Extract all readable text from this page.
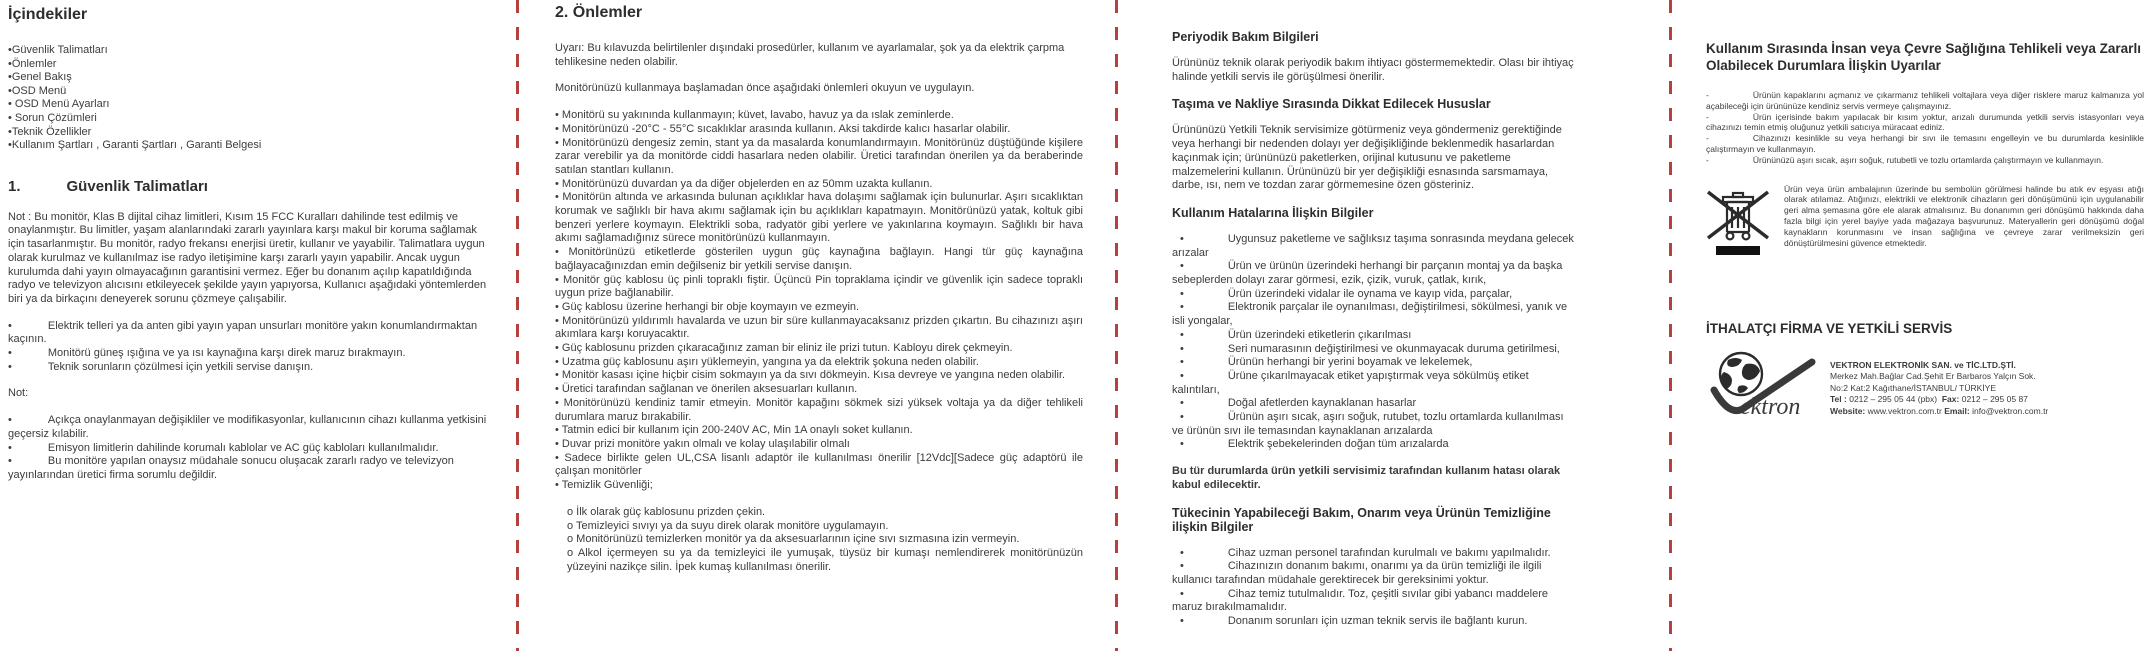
İçindekiler

•Güvenlik Talimatları

•Önlemler

•Genel Bakış

•OSD Menü

• OSD Menü Ayarları

• Sorun Çözümleri

•Teknik Özellikler

•Kullanım Şartları , Garanti Şartları , Garanti Belgesi

1.	Güvenlik Talimatları

Not : Bu monitör, Klas B dijital cihaz limitleri, Kısım 15 FCC Kuralları dahilinde test edilmiş ve onaylanmıştır. Bu limitler, yaşam alanlarındaki zararlı yayınlara karşı makul bir koruma sağlamak için tasarlanmıştır. Bu monitör, radyo frekansı enerjisi üretir, kullanır ve yayabilir. Talimatlara uygun olarak kurulmaz ve kullanılmaz ise radyo iletişimine karşı zararlı yayın yapabilir. Ancak uygun kurulumda dahi yayın olmayacağının garantisini vermez. Eğer bu donanım açılıp kapatıldığında radyo ve televizyon alıcısını etkileyecek şekilde yayın yapıyorsa, Kullanıcı aşağıdaki yöntemlerden biri ya da birkaçını deneyerek sorunu çözmeye çalışabilir.

•	Elektrik telleri ya da anten gibi yayın yapan unsurları monitöre yakın konumlandırmaktan kaçının.

•	Monitörü güneş ışığına ve ya ısı kaynağına karşı direk maruz bırakmayın.

•	Teknik sorunların çözülmesi için yetkili servise danışın.

Not:

•	Açıkça onaylanmayan değişikliler ve modifikasyonlar, kullanıcının cihazı kullanma yetkisini geçersiz kılabilir.

•	Emisyon limitlerin dahilinde korumalı kablolar ve AC güç kabloları kullanılmalıdır.

•	Bu monitöre yapılan onaysız müdahale sonucu oluşacak zararlı radyo ve televizyon yayınlarından üretici firma sorumlu değildir.

2. Önlemler

Uyarı: Bu kılavuzda belirtilenler dışındaki prosedürler, kullanım ve ayarlamalar, şok ya da elektrik çarpma tehlikesine neden olabilir.

Monitörünüzü kullanmaya başlamadan önce aşağıdaki önlemleri okuyun ve uygulayın.

• Monitörü su yakınında kullanmayın; küvet, lavabo, havuz ya da ıslak zeminlerde.

• Monitörünüzü -20°C - 55°C sıcaklıklar arasında kullanın. Aksi takdirde kalıcı hasarlar olabilir.

• Monitörünüzü dengesiz zemin, stant ya da masalarda konumlandırmayın. Monitörünüz düştüğünde kişilere zarar verebilir ya da monitörde ciddi hasarlara neden olabilir. Üretici tarafından önerilen ya da beraberinde satılan stantları kullanın.

• Monitörünüzü duvardan ya da diğer objelerden en az 50mm uzakta kullanın.

• Monitörün altında ve arkasında bulunan açıklıklar hava dolaşımı sağlamak için bulunurlar. Aşırı sıcaklıktan korumak ve sağlıklı bir hava akımı sağlamak için bu açıklıkları kapatmayın. Monitörünüzü yatak, koltuk gibi benzeri yerlere koymayın. Elektrikli soba, radyatör gibi yerlere ve yakınlarına koymayın. Sağlıklı bir hava akımı sağlamadığınız sürece monitörünüzü kullanmayın.

• Monitörünüzü etiketlerde gösterilen uygun güç kaynağına bağlayın. Hangi tür güç kaynağına bağlayacağınızdan emin değilseniz bir yetkili servise danışın.

• Monitör güç kablosu üç pinli topraklı fiştir. Üçüncü Pin topraklama içindir ve güvenlik için sadece topraklı uygun prize bağlanabilir.

• Güç kablosu üzerine herhangi bir obje koymayın ve ezmeyin.

• Monitörünüzü yıldırımlı havalarda ve uzun bir süre kullanmayacaksanız prizden çıkartın. Bu cihazınızı aşırı akımlara karşı koruyacaktır.

• Güç kablosunu prizden çıkaracağınız zaman bir eliniz ile prizi tutun. Kabloyu direk çekmeyin.

• Uzatma güç kablosunu aşırı yüklemeyin, yangına ya da elektrik şokuna neden olabilir.

• Monitör kasası içine hiçbir cisim sokmayın ya da sıvı dökmeyin. Kısa devreye ve yangına neden olabilir.

• Üretici tarafından sağlanan ve önerilen aksesuarları kullanın.

• Monitörünüzü kendiniz tamir etmeyin. Monitör kapağını sökmek sizi yüksek voltaja ya da diğer tehlikeli durumlara maruz bırakabilir.

• Tatmin edici bir kullanım için 200-240V AC, Min 1A onaylı soket kullanın.

• Duvar prizi monitöre yakın olmalı ve kolay ulaşılabilir olmalı

• Sadece birlikte gelen UL,CSA lisanlı adaptör ile kullanılması önerilir [12Vdc][Sadece güç adaptörü ile çalışan monitörler

• Temizlik Güvenliği;

o İlk olarak güç kablosunu prizden çekin.

o Temizleyici sıvıyı ya da suyu direk olarak monitöre uygulamayın.

o Monitörünüzü temizlerken monitör ya da aksesuarlarının içine sıvı sızmasına izin vermeyin.

o Alkol içermeyen su ya da temizleyici ile yumuşak, tüysüz bir kumaşı nemlendirerek monitörünüzün yüzeyini nazikçe silin. İpek kumaş kullanılması önerilir.

Periyodik Bakım Bilgileri

Ürününüz teknik olarak periyodik bakım ihtiyacı göstermemektedir. Olası bir ihtiyaç halinde yetkili servis ile görüşülmesi önerilir.

Taşıma ve Nakliye Sırasında Dikkat Edilecek Hususlar

Ürününüzü Yetkili Teknik servisimize götürmeniz veya göndermeniz gerektiğinde veya herhangi bir nedenden dolayı yer değişikliğinde beklenmedik hasarlardan kaçınmak için; ürününüzü paketlerken, orijinal kutusunu ve paketleme malzemelerini kullanın. Ürününüzü bir yer değişikliği esnasında sarsmamaya, darbe, ısı, nem ve tozdan zarar görmemesine özen gösteriniz.

Kullanım Hatalarına İlişkin Bilgiler

•	Uygunsuz paketleme ve sağlıksız taşıma sonrasında meydana gelecek arızalar

•	Ürün ve ürünün üzerindeki herhangi bir parçanın montaj ya da başka sebeplerden dolayı zarar görmesi, ezik, çizik, vuruk, çatlak, kırık,

•	Ürün üzerindeki vidalar ile oynama ve kayıp vida, parçalar,

•	Elektronik parçalar ile oynanılması, değiştirilmesi, sökülmesi, yanık ve isli yongalar,

•	Ürün üzerindeki etiketlerin çıkarılması

•	Seri numarasının değiştirilmesi ve okunmayacak duruma getirilmesi,

•	Ürünün herhangi bir yerini boyamak ve lekelemek,

•	Ürüne çıkarılmayacak etiket yapıştırmak veya sökülmüş etiket kalıntıları,

•	Doğal afetlerden kaynaklanan hasarlar

•	Ürünün aşırı sıcak, aşırı soğuk, rutubet, tozlu ortamlarda kullanılması ve ürünün sıvı ile temasından kaynaklanan arızalarda

•	Elektrik şebekelerinden doğan tüm arızalarda

Bu tür durumlarda ürün yetkili servisimiz tarafından kullanım hatası olarak kabul edilecektir.

Tükecinin Yapabileceği Bakım, Onarım veya Ürünün Temizliğine ilişkin Bilgiler

•	Cihaz uzman personel tarafından kurulmalı ve bakımı yapılmalıdır.

•	Cihazınızın donanım bakımı, onarımı ya da ürün temizliği ile ilgili kullanıcı tarafından müdahale gerektirecek bir gereksinimi yoktur.

•	Cihaz temiz tutulmalıdır. Toz, çeşitli sıvılar gibi yabancı maddelere maruz bırakılmamalıdır.

•	Donanım sorunları için uzman teknik servis ile bağlantı kurun.

Kullanım Sırasında İnsan veya Çevre Sağlığına Tehlikeli veya Zararlı Olabilecek Durumlara İlişkin Uyarılar

-	Ürünün kapaklarını açmanız ve çıkarmanız tehlikeli voltajlara veya diğer risklere maruz kalmanıza yol açabileceği için ürününüze kendiniz servis vermeye çalışmayınız.

-	Ürün içerisinde bakım yapılacak bir kısım yoktur, arızalı durumunda yetkili servis istasyonları veya cihazınızı temin etmiş oluğunuz yetkili satıcıya müracaat ediniz.

-	Cihazınızı kesinlikle su veya herhangi bir sıvı ile temasını engelleyin ve bu durumlarda kesinlikle çalıştırmayın ve kullanmayın.

-	Ürününüzü aşırı sıcak, aşırı soğuk, rutubetli ve tozlu ortamlarda çalıştırmayın ve kullanmayın.

Ürün veya ürün ambalajının üzerinde bu sembolün görülmesi halinde bu atık ev eşyası atığı olarak atılamaz. Atığınızı, elektrikli ve elektronik cihazların geri dönüşümünü için uygulanabilir geri alma şemasına göre ele alarak atmalısınız. Bu donanımın geri dönüşümü hakkında daha fazla bilgi için yerel bayiye yada mağazaya başvurunuz. Materyallerin geri dönüşümü doğal kaynakların korunmasını ve insan sağlığına ve çevreye zarar verilmeksizin geri dönüştürülmesini güvence etmektedir.

İTHALATÇI FİRMA VE YETKİLİ SERVİS
ektron
VEKTRON ELEKTRONİK SAN. ve TİC.LTD.ŞTİ.
Merkez Mah.Bağlar Cad.Şehit Er Barbaros Yalçın Sok.
No:2 Kat:2 Kağıthane/İSTANBUL/ TÜRKİYE
Tel : 0212 – 295 05 44 (pbx) Fax: 0212 – 295 05 87
Website: www.vektron.com.tr Email: info@vektron.com.tr
